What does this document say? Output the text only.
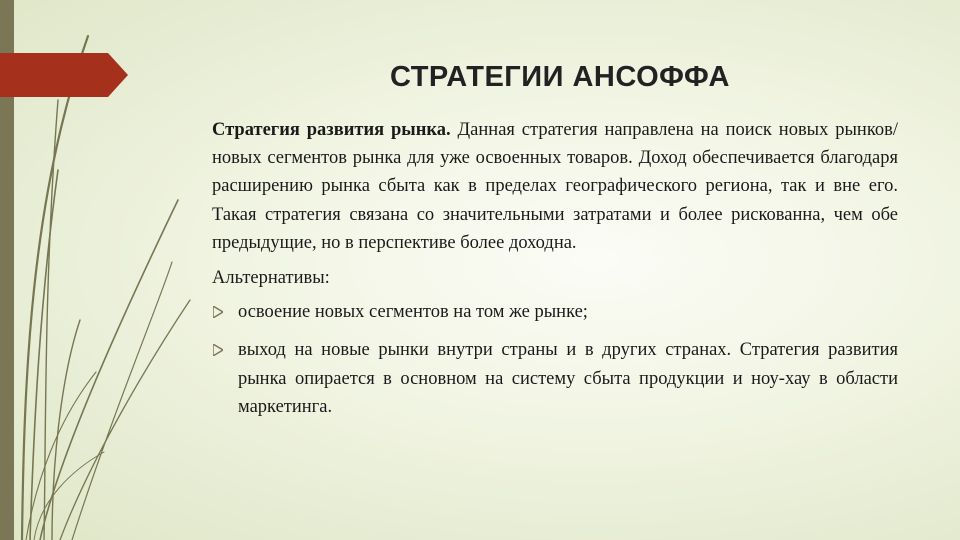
СТРАТЕГИИ АНСОФФА

Стратегия развития рынка. Данная стратегия направлена на поиск новых рынков/новых сегментов рынка для уже освоенных товаров. Доход обеспечивается благодаря расширению рынка сбыта как в пределах географического региона, так и вне его. Такая стратегия связана со значительными затратами и более рискованна, чем обе предыдущие, но в перспективе более доходна.

Альтернативы:

освоение новых сегментов на том же рынке;
выход на новые рынки внутри страны и в других странах. Стратегия развития рынка опирается в основном на систему сбыта продукции и ноу-хау в области маркетинга.
